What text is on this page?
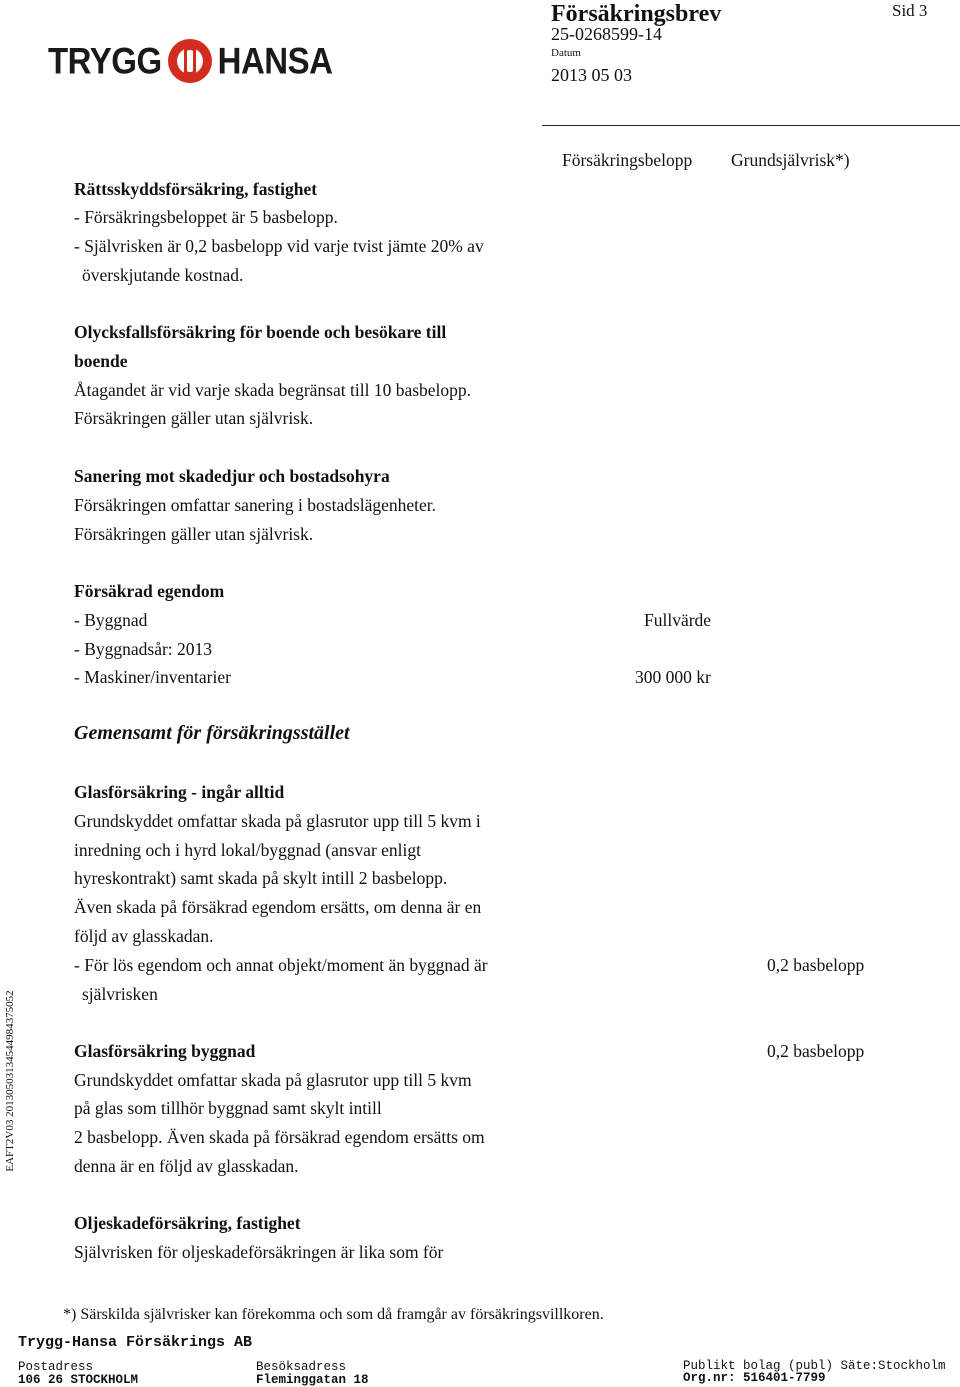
TRYGG HANSA
Försäkringsbrev	Sid 3
25-0268599-14
Datum
2013 05 03
Försäkringsbelopp Grundsjälvrisk*)
Rättsskyddsförsäkring, fastighet
- Försäkringsbeloppet är 5 basbelopp.
- Självrisken är 0,2 basbelopp vid varje tvist jämte 20% av
överskjutande kostnad.
Olycksfallsförsäkring för boende och besökare till
boende
Åtagandet är vid varje skada begränsat till 10 basbelopp.
Försäkringen gäller utan självrisk.
Sanering mot skadedjur och bostadsohyra
Försäkringen omfattar sanering i bostadslägenheter.
Försäkringen gäller utan självrisk.
Försäkrad egendom
- Byggnad	Fullvärde
- Byggnadsår: 2013
- Maskiner/inventarier	300 000 kr
Gemensamt för försäkringsstället
Glasförsäkring - ingår alltid
Grundskyddet omfattar skada på glasrutor upp till 5 kvm i
inredning och i hyrd lokal/byggnad (ansvar enligt
hyreskontrakt) samt skada på skylt intill 2 basbelopp.
Även skada på försäkrad egendom ersätts, om denna är en
följd av glasskadan.
- För lös egendom och annat objekt/moment än byggnad är	0,2 basbelopp
självrisken
Glasförsäkring byggnad	0,2 basbelopp
Grundskyddet omfattar skada på glasrutor upp till 5 kvm
på glas som tillhör byggnad samt skylt intill
2 basbelopp. Även skada på försäkrad egendom ersätts om
denna är en följd av glasskadan.
Oljeskadeförsäkring, fastighet
Självrisken för oljeskadeförsäkringen är lika som för
EAFT2V03 20130503134544984375052
*) Särskilda självrisker kan förekomma och som då framgår av försäkringsvillkoren.
Trygg-Hansa Försäkrings AB
Postadress
106 26 STOCKHOLM
Besöksadress
Fleminggatan 18
Publikt bolag (publ) Säte:Stockholm
Org.nr: 516401-7799
